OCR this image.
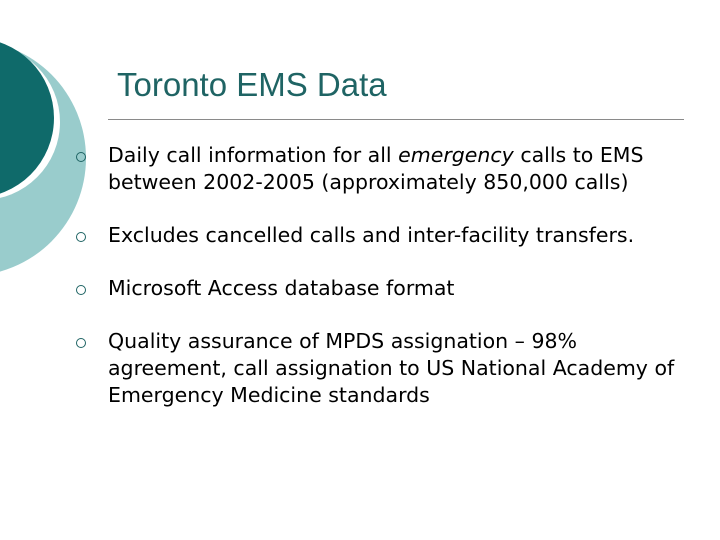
Toronto EMS Data
Daily call information for all emergency calls to EMS between 2002-2005 (approximately 850,000 calls)
Excludes cancelled calls and inter-facility transfers.
Microsoft Access database format
Quality assurance of MPDS assignation – 98% agreement, call assignation to US National Academy of Emergency Medicine standards
